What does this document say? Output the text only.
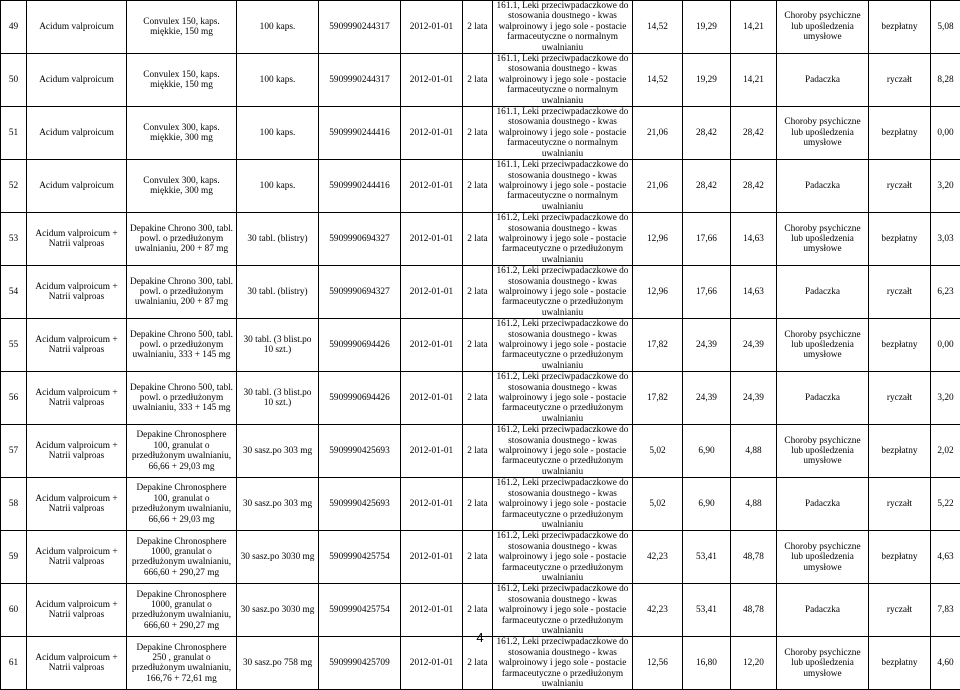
49	Acidum valproicum	Convulex 150, kaps. miękkie, 150 mg	100 kaps.	5909990244317	2012-01-01	2 lata	161.1, Leki przeciwpadaczkowe do stosowania doustnego - kwas walproinowy i jego sole - postacie farmaceutyczne o normalnym uwalnianiu	14,52	19,29	14,21	Choroby psychiczne lub upośledzenia umysłowe	bezpłatny	5,08
50	Acidum valproicum	Convulex 150, kaps. miękkie, 150 mg	100 kaps.	5909990244317	2012-01-01	2 lata	161.1, Leki przeciwpadaczkowe do stosowania doustnego - kwas walproinowy i jego sole - postacie farmaceutyczne o normalnym uwalnianiu	14,52	19,29	14,21	Padaczka	ryczałt	8,28
51	Acidum valproicum	Convulex 300, kaps. miękkie, 300 mg	100 kaps.	5909990244416	2012-01-01	2 lata	161.1, Leki przeciwpadaczkowe do stosowania doustnego - kwas walproinowy i jego sole - postacie farmaceutyczne o normalnym uwalnianiu	21,06	28,42	28,42	Choroby psychiczne lub upośledzenia umysłowe	bezpłatny	0,00
52	Acidum valproicum	Convulex 300, kaps. miękkie, 300 mg	100 kaps.	5909990244416	2012-01-01	2 lata	161.1, Leki przeciwpadaczkowe do stosowania doustnego - kwas walproinowy i jego sole - postacie farmaceutyczne o normalnym uwalnianiu	21,06	28,42	28,42	Padaczka	ryczałt	3,20
53	Acidum valproicum + Natrii valproas	Depakine Chrono 300, tabl. powl. o przedłużonym uwalnianiu, 200 + 87 mg	30 tabl. (blistry)	5909990694327	2012-01-01	2 lata	161.2, Leki przeciwpadaczkowe do stosowania doustnego - kwas walproinowy i jego sole - postacie farmaceutyczne o przedłużonym uwalnianiu	12,96	17,66	14,63	Choroby psychiczne lub upośledzenia umysłowe	bezpłatny	3,03
54	Acidum valproicum + Natrii valproas	Depakine Chrono 300, tabl. powl. o przedłużonym uwalnianiu, 200 + 87 mg	30 tabl. (blistry)	5909990694327	2012-01-01	2 lata	161.2, Leki przeciwpadaczkowe do stosowania doustnego - kwas walproinowy i jego sole - postacie farmaceutyczne o przedłużonym uwalnianiu	12,96	17,66	14,63	Padaczka	ryczałt	6,23
55	Acidum valproicum + Natrii valproas	Depakine Chrono 500, tabl. powl. o przedłużonym uwalnianiu, 333 + 145 mg	30 tabl. (3 blist.po 10 szt.)	5909990694426	2012-01-01	2 lata	161.2, Leki przeciwpadaczkowe do stosowania doustnego - kwas walproinowy i jego sole - postacie farmaceutyczne o przedłużonym uwalnianiu	17,82	24,39	24,39	Choroby psychiczne lub upośledzenia umysłowe	bezpłatny	0,00
56	Acidum valproicum + Natrii valproas	Depakine Chrono 500, tabl. powl. o przedłużonym uwalnianiu, 333 + 145 mg	30 tabl. (3 blist.po 10 szt.)	5909990694426	2012-01-01	2 lata	161.2, Leki przeciwpadaczkowe do stosowania doustnego - kwas walproinowy i jego sole - postacie farmaceutyczne o przedłużonym uwalnianiu	17,82	24,39	24,39	Padaczka	ryczałt	3,20
57	Acidum valproicum + Natrii valproas	Depakine Chronosphere 100, granulat o przedłużonym uwalnianiu, 66,66 + 29,03 mg	30 sasz.po 303 mg	5909990425693	2012-01-01	2 lata	161.2, Leki przeciwpadaczkowe do stosowania doustnego - kwas walproinowy i jego sole - postacie farmaceutyczne o przedłużonym uwalnianiu	5,02	6,90	4,88	Choroby psychiczne lub upośledzenia umysłowe	bezpłatny	2,02
58	Acidum valproicum + Natrii valproas	Depakine Chronosphere 100, granulat o przedłużonym uwalnianiu, 66,66 + 29,03 mg	30 sasz.po 303 mg	5909990425693	2012-01-01	2 lata	161.2, Leki przeciwpadaczkowe do stosowania doustnego - kwas walproinowy i jego sole - postacie farmaceutyczne o przedłużonym uwalnianiu	5,02	6,90	4,88	Padaczka	ryczałt	5,22
59	Acidum valproicum + Natrii valproas	Depakine Chronosphere 1000, granulat o przedłużonym uwalnianiu, 666,60 + 290,27 mg	30 sasz.po 3030 mg	5909990425754	2012-01-01	2 lata	161.2, Leki przeciwpadaczkowe do stosowania doustnego - kwas walproinowy i jego sole - postacie farmaceutyczne o przedłużonym uwalnianiu	42,23	53,41	48,78	Choroby psychiczne lub upośledzenia umysłowe	bezpłatny	4,63
60	Acidum valproicum + Natrii valproas	Depakine Chronosphere 1000, granulat o przedłużonym uwalnianiu, 666,60 + 290,27 mg	30 sasz.po 3030 mg	5909990425754	2012-01-01	2 lata	161.2, Leki przeciwpadaczkowe do stosowania doustnego - kwas walproinowy i jego sole - postacie farmaceutyczne o przedłużonym uwalnianiu	42,23	53,41	48,78	Padaczka	ryczałt	7,83
61	Acidum valproicum + Natrii valproas	Depakine Chronosphere 250 , granulat o przedłużonym uwalnianiu, 166,76 + 72,61 mg	30 sasz.po 758 mg	5909990425709	2012-01-01	2 lata	161.2, Leki przeciwpadaczkowe do stosowania doustnego - kwas walproinowy i jego sole - postacie farmaceutyczne o przedłużonym uwalnianiu	12,56	16,80	12,20	Choroby psychiczne lub upośledzenia umysłowe	bezpłatny	4,60
4
